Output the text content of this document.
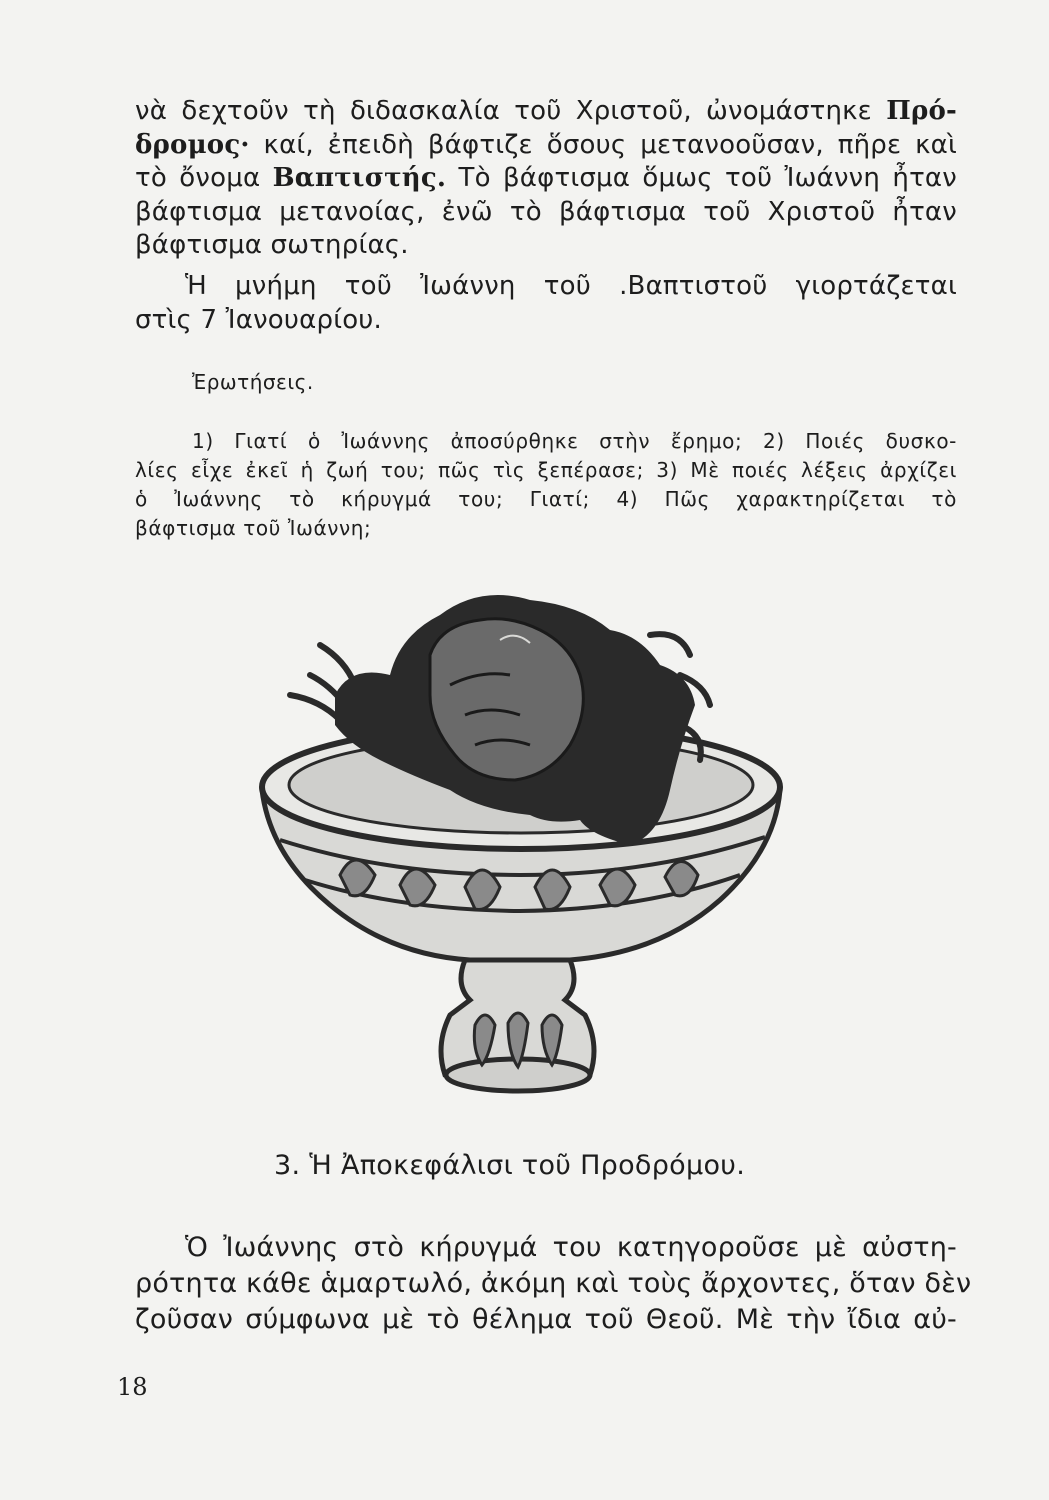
νὰ δεχτοῦν τὴ διδασκαλία τοῦ Χριστοῦ, ὠνομάστηκε Πρό-
δρομος· καί, ἐπειδὴ βάφτιζε ὅσους μετανοοῦσαν, πῆρε καὶ
τὸ ὄνομα Βαπτιστής. Τὸ βάφτισμα ὅμως τοῦ Ἰωάννη ἦταν
βάφτισμα μετανοίας, ἐνῶ τὸ βάφτισμα τοῦ Χριστοῦ ἦταν
βάφτισμα σωτηρίας.
Ἡ μνήμη τοῦ Ἰωάννη τοῦ .Βαπτιστοῦ γιορτάζεται
στὶς 7 Ἰανουαρίου.
Ἐρωτήσεις.
1) Γιατί ὁ Ἰωάννης ἀποσύρθηκε στὴν ἔρημο; 2) Ποιές δυσκο-
λίες εἶχε ἐκεῖ ἡ ζωή του; πῶς τὶς ξεπέρασε; 3) Μὲ ποιές λέξεις ἀρχίζει
ὁ Ἰωάννης τὸ κήρυγμά του; Γιατί; 4) Πῶς χαρακτηρίζεται τὸ
βάφτισμα τοῦ Ἰωάννη;
3. Ἡ Ἀποκεφάλισι τοῦ Προδρόμου.
Ὁ Ἰωάννης στὸ κήρυγμά του κατηγοροῦσε μὲ αὐστη-
ρότητα κάθε ἁμαρτωλό, ἀκόμη καὶ τοὺς ἄρχοντες, ὅταν δὲν
ζοῦσαν σύμφωνα μὲ τὸ θέλημα τοῦ Θεοῦ. Μὲ τὴν ἴδια αὐ-
18
